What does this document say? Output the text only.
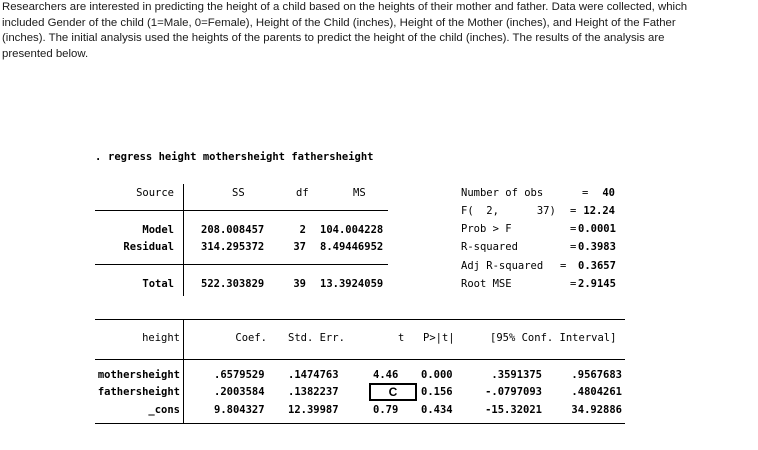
Researchers are interested in predicting the height of a child based on the heights of their mother and father. Data were collected, which
included Gender of the child (1=Male, 0=Female), Height of the Child (inches), Height of the Mother (inches), and Height of the Father
(inches). The initial analysis used the heights of the parents to predict the height of the child (inches). The results of the analysis are
presented below.
. regress height mothersheight fathersheight
Source	SS	df	MS
Model	208.008457	2 104.004228
Residual	314.295372	37 8.49446952
Total	522.303829	39 13.3924059
Number of obs	=	40
F(  2,      37) = 12.24
Prob > F	= 0.0001
R-squared	= 0.3983
Adj R-squared = 0.3657
Root MSE	= 2.9145
height	Coef. Std. Err.	t P>|t|	[95% Conf. Interval]
mothersheight	.6579529 .1474763	4.46 0.000	.3591375	.9567683
fathersheight	.2003584 .1382237	C	0.156	-.0797093	.4804261
_cons	9.804327 12.39987	0.79 0.434	-15.32021	34.92886
